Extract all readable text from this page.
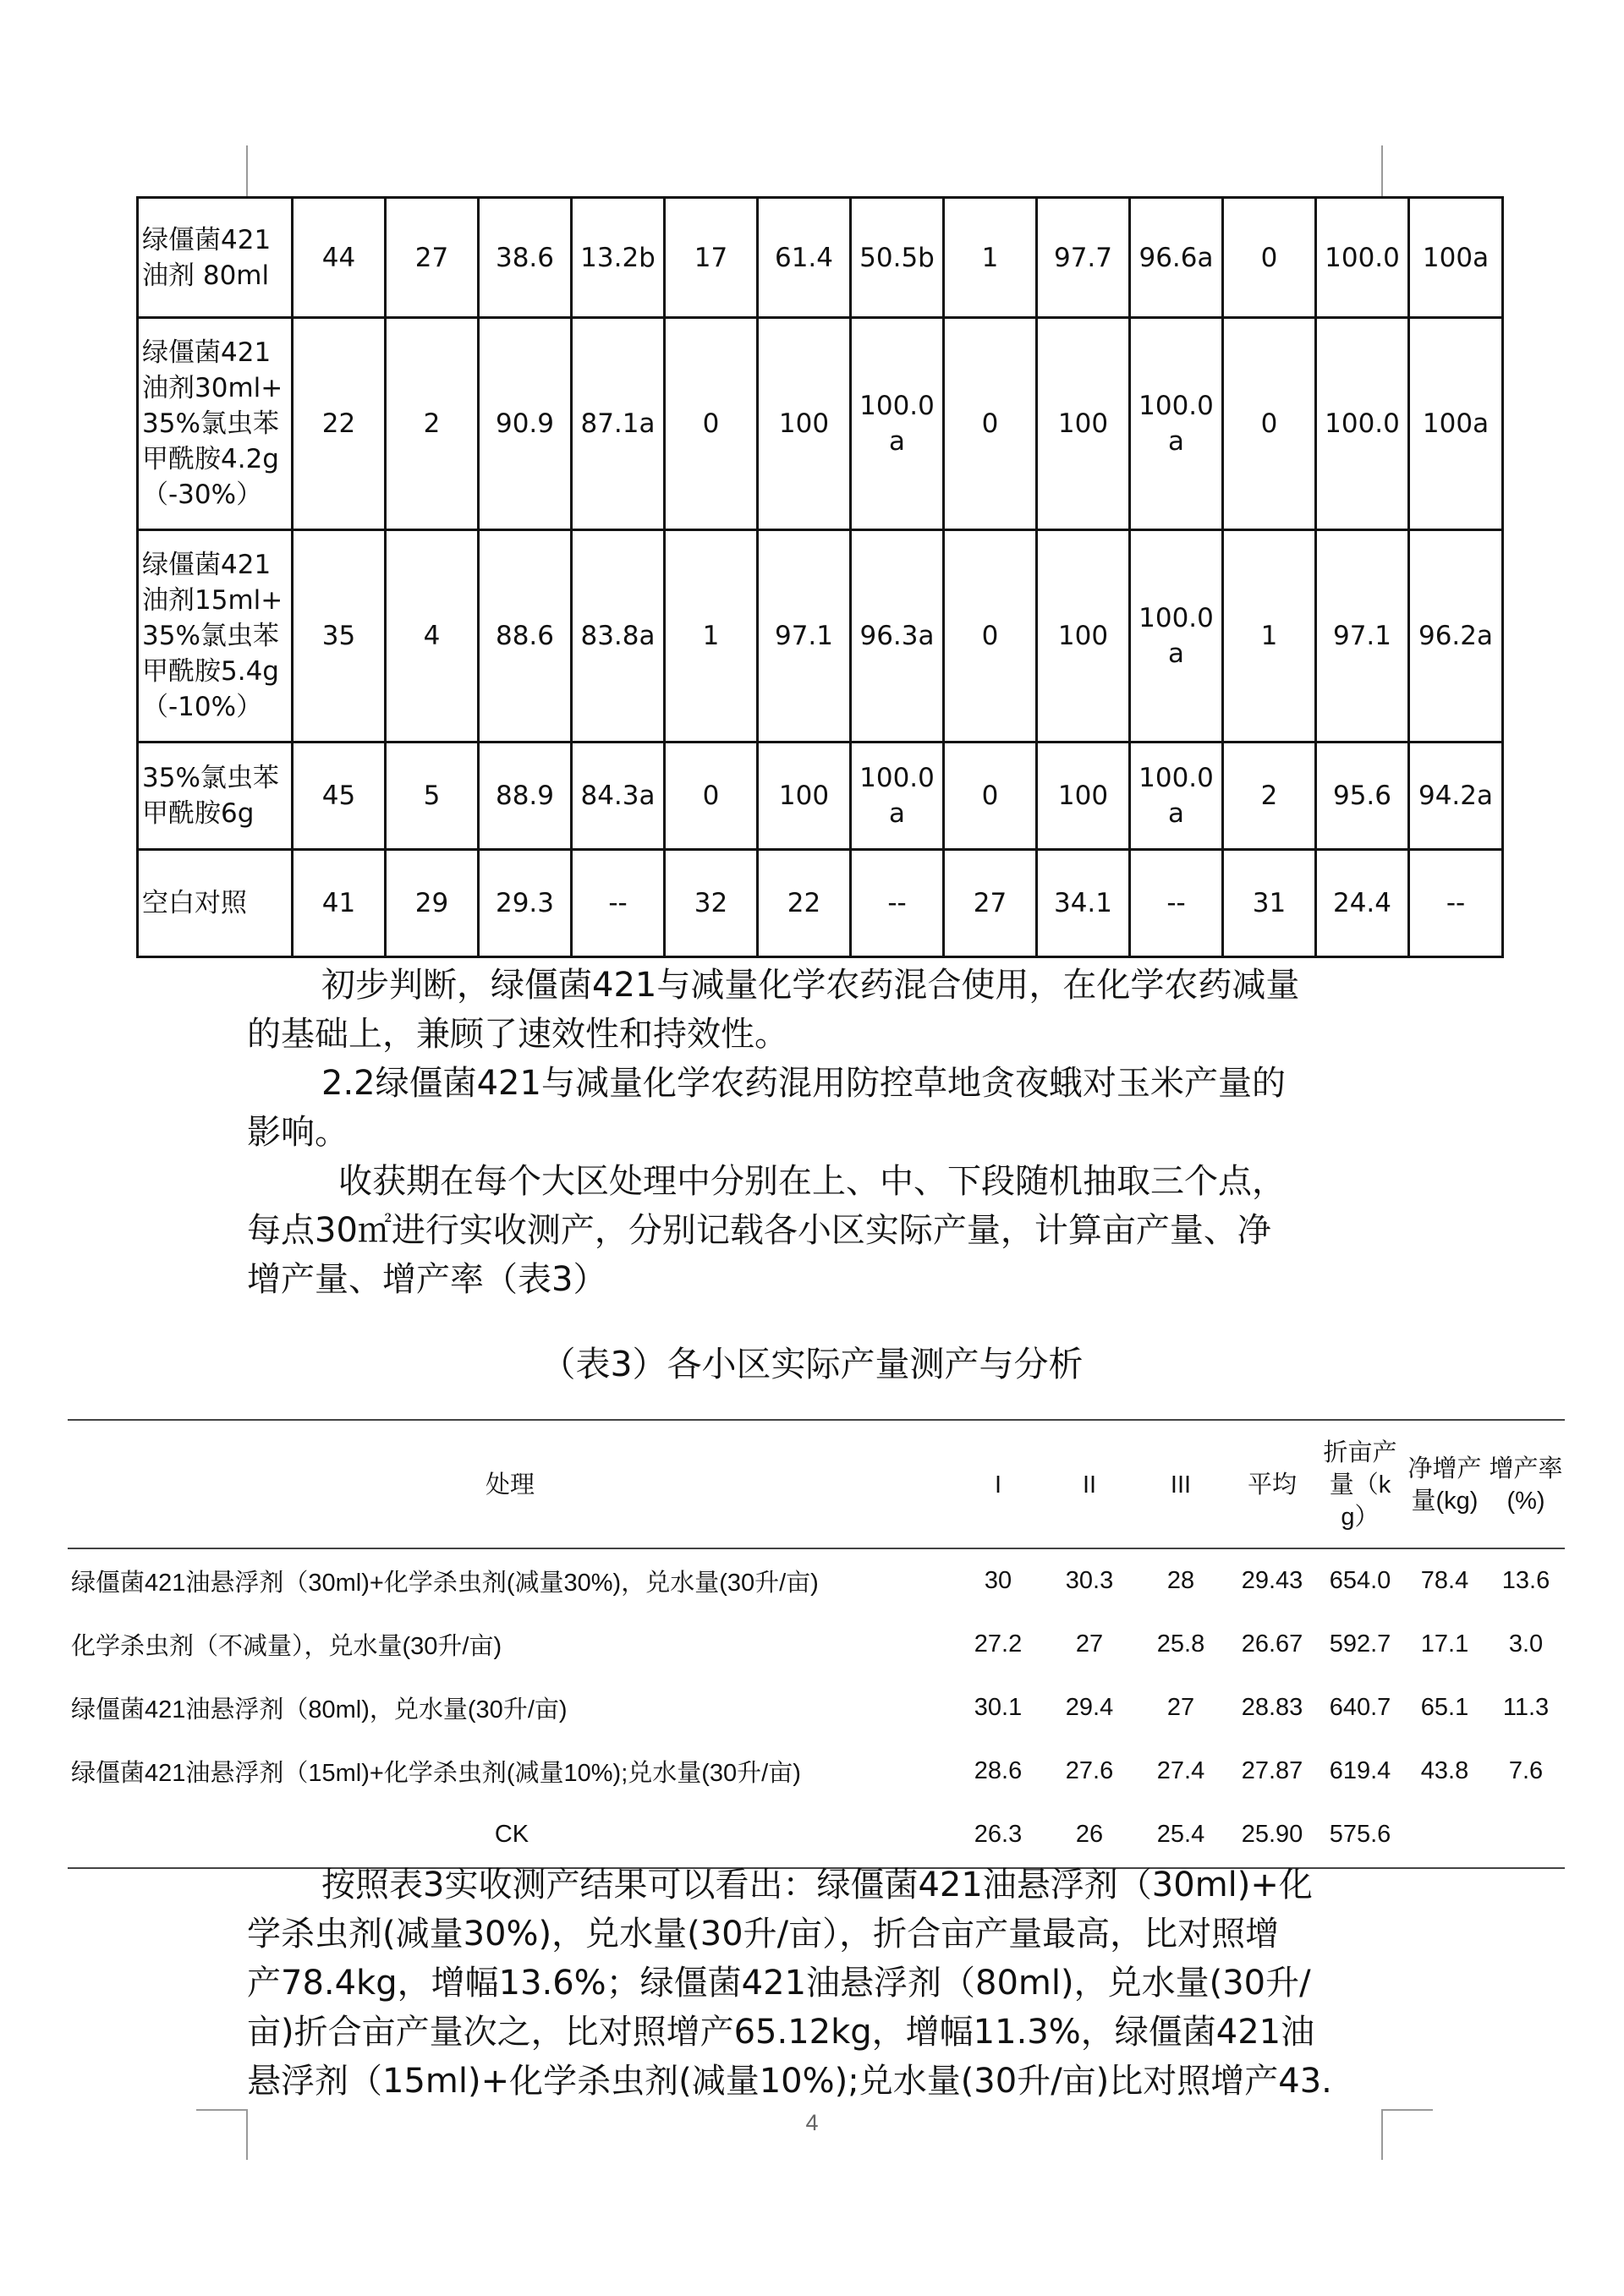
绿僵菌421
油剂 80ml	44	27	38.6	13.2b	17	61.4	50.5b	1	97.7	96.6a	0	100.0	100a
绿僵菌421
油剂30ml+
35%氯虫苯
甲酰胺4.2g
（-30%）	22	2	90.9	87.1a	0	100	100.0 a	0	100	100.0 a	0	100.0	100a
绿僵菌421
油剂15ml+
35%氯虫苯
甲酰胺5.4g
（-10%）	35	4	88.6	83.8a	1	97.1	96.3a	0	100	100.0 a	1	97.1	96.2a
35%氯虫苯
甲酰胺6g	45	5	88.9	84.3a	0	100	100.0 a	0	100	100.0 a	2	95.6	94.2a
空白对照	41	29	29.3	--	32	22	--	27	34.1	--	31	24.4	--

初步判断，绿僵菌421与减量化学农药混合使用，在化学农药减量
的基础上，兼顾了速效性和持效性。

2.2绿僵菌421与减量化学农药混用防控草地贪夜蛾对玉米产量的
影响。

收获期在每个大区处理中分别在上、中、下段随机抽取三个点，
每点30㎡进行实收测产，分别记载各小区实际产量，计算亩产量、净
增产量、增产率（表3）

（表3）各小区实际产量测产与分析
处理	I	II	III	平均	折亩产
量（k
g）	净增产
量(kg)	增产率
(%)
绿僵菌421油悬浮剂（30ml)+化学杀虫剂(减量30%)，兑水量(30升/亩)	30	30.3	28	29.43	654.0	78.4	13.6
化学杀虫剂（不减量），兑水量(30升/亩)	27.2	27	25.8	26.67	592.7	17.1	3.0
绿僵菌421油悬浮剂（80ml)，兑水量(30升/亩)	30.1	29.4	27	28.83	640.7	65.1	11.3
绿僵菌421油悬浮剂（15ml)+化学杀虫剂(减量10%);兑水量(30升/亩)	28.6	27.6	27.4	27.87	619.4	43.8	7.6
CK	26.3	26	25.4	25.90	575.6		

按照表3实收测产结果可以看出：绿僵菌421油悬浮剂（30ml)+化
学杀虫剂(减量30%)，兑水量(30升/亩），折合亩产量最高，比对照增
产78.4kg，增幅13.6%；绿僵菌421油悬浮剂（80ml)，兑水量(30升/
亩)折合亩产量次之，比对照增产65.12kg，增幅11.3%，绿僵菌421油
悬浮剂（15ml)+化学杀虫剂(减量10%);兑水量(30升/亩)比对照增产43.

4
